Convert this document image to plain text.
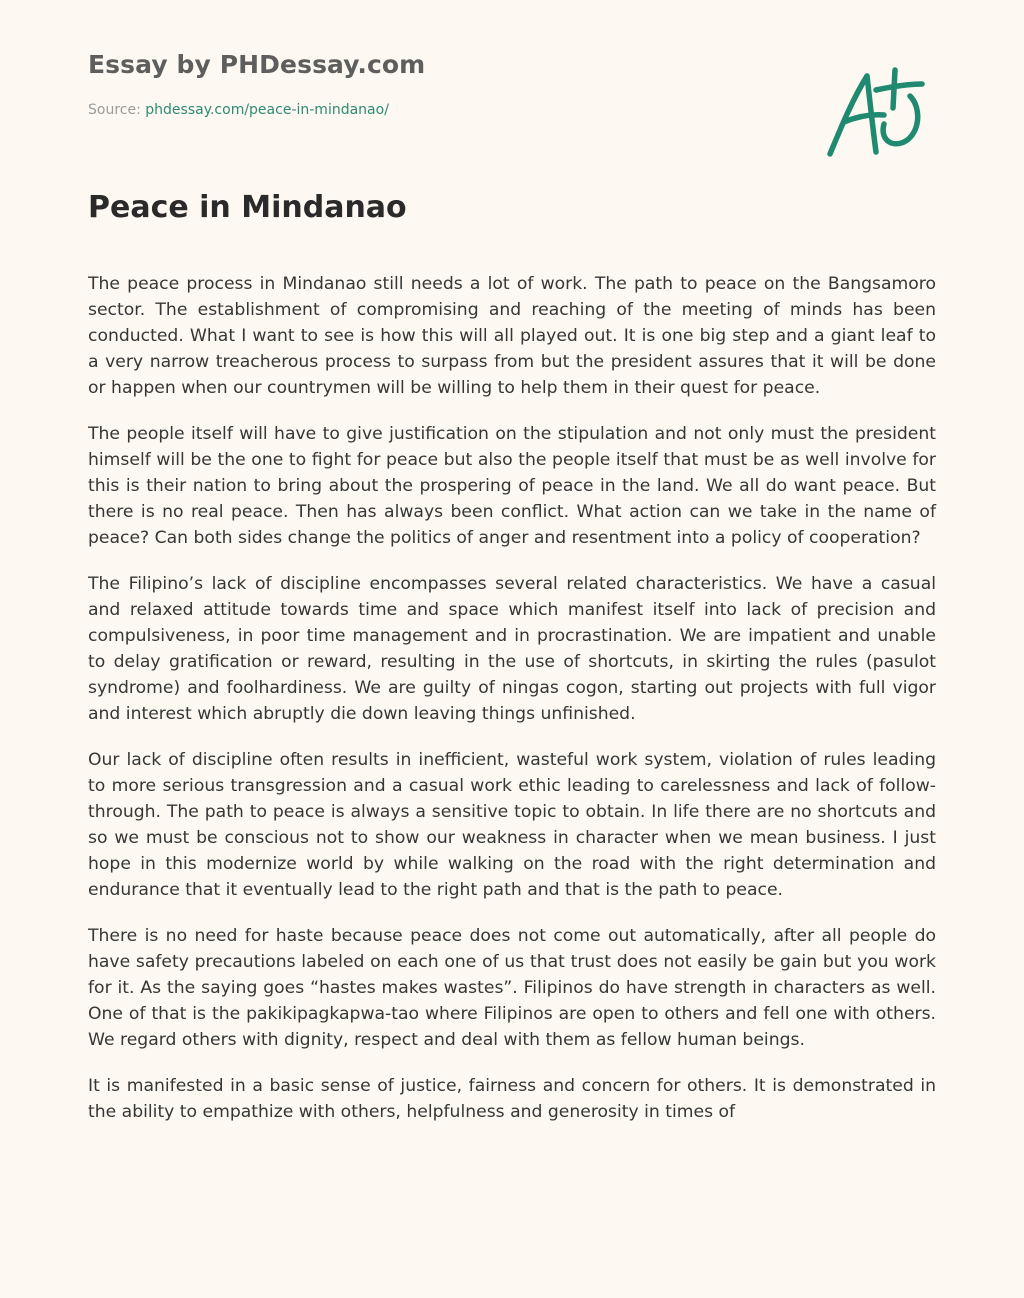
Essay by PHDessay.com
Source: phdessay.com/peace-in-mindanao/
Peace in Mindanao

The peace process in Mindanao still needs a lot of work. The path to peace on the Bangsamoro sector. The establishment of compromising and reaching of the meeting of minds has been conducted. What I want to see is how this will all played out. It is one big step and a giant leaf to a very narrow treacherous process to surpass from but the president assures that it will be done or happen when our countrymen will be willing to help them in their quest for peace.

The people itself will have to give justification on the stipulation and not only must the president himself will be the one to fight for peace but also the people itself that must be as well involve for this is their nation to bring about the prospering of peace in the land. We all do want peace. But there is no real peace. Then has always been conflict. What action can we take in the name of peace? Can both sides change the politics of anger and resentment into a policy of cooperation?

The Filipino’s lack of discipline encompasses several related characteristics. We have a casual and relaxed attitude towards time and space which manifest itself into lack of precision and compulsiveness, in poor time management and in procrastination. We are impatient and unable to delay gratification or reward, resulting in the use of shortcuts, in skirting the rules (pasulot syndrome) and foolhardiness. We are guilty of ningas cogon, starting out projects with full vigor and interest which abruptly die down leaving things unfinished.

Our lack of discipline often results in inefficient, wasteful work system, violation of rules leading to more serious transgression and a casual work ethic leading to carelessness and lack of follow-through. The path to peace is always a sensitive topic to obtain. In life there are no shortcuts and so we must be conscious not to show our weakness in character when we mean business. I just hope in this modernize world by while walking on the road with the right determination and endurance that it eventually lead to the right path and that is the path to peace.

There is no need for haste because peace does not come out automatically, after all people do have safety precautions labeled on each one of us that trust does not easily be gain but you work for it. As the saying goes “hastes makes wastes”. Filipinos do have strength in characters as well. One of that is the pakikipagkapwa-tao where Filipinos are open to others and fell one with others. We regard others with dignity, respect and deal with them as fellow human beings.

It is manifested in a basic sense of justice, fairness and concern for others. It is demonstrated in the ability to empathize with others, helpfulness and generosity in times of
